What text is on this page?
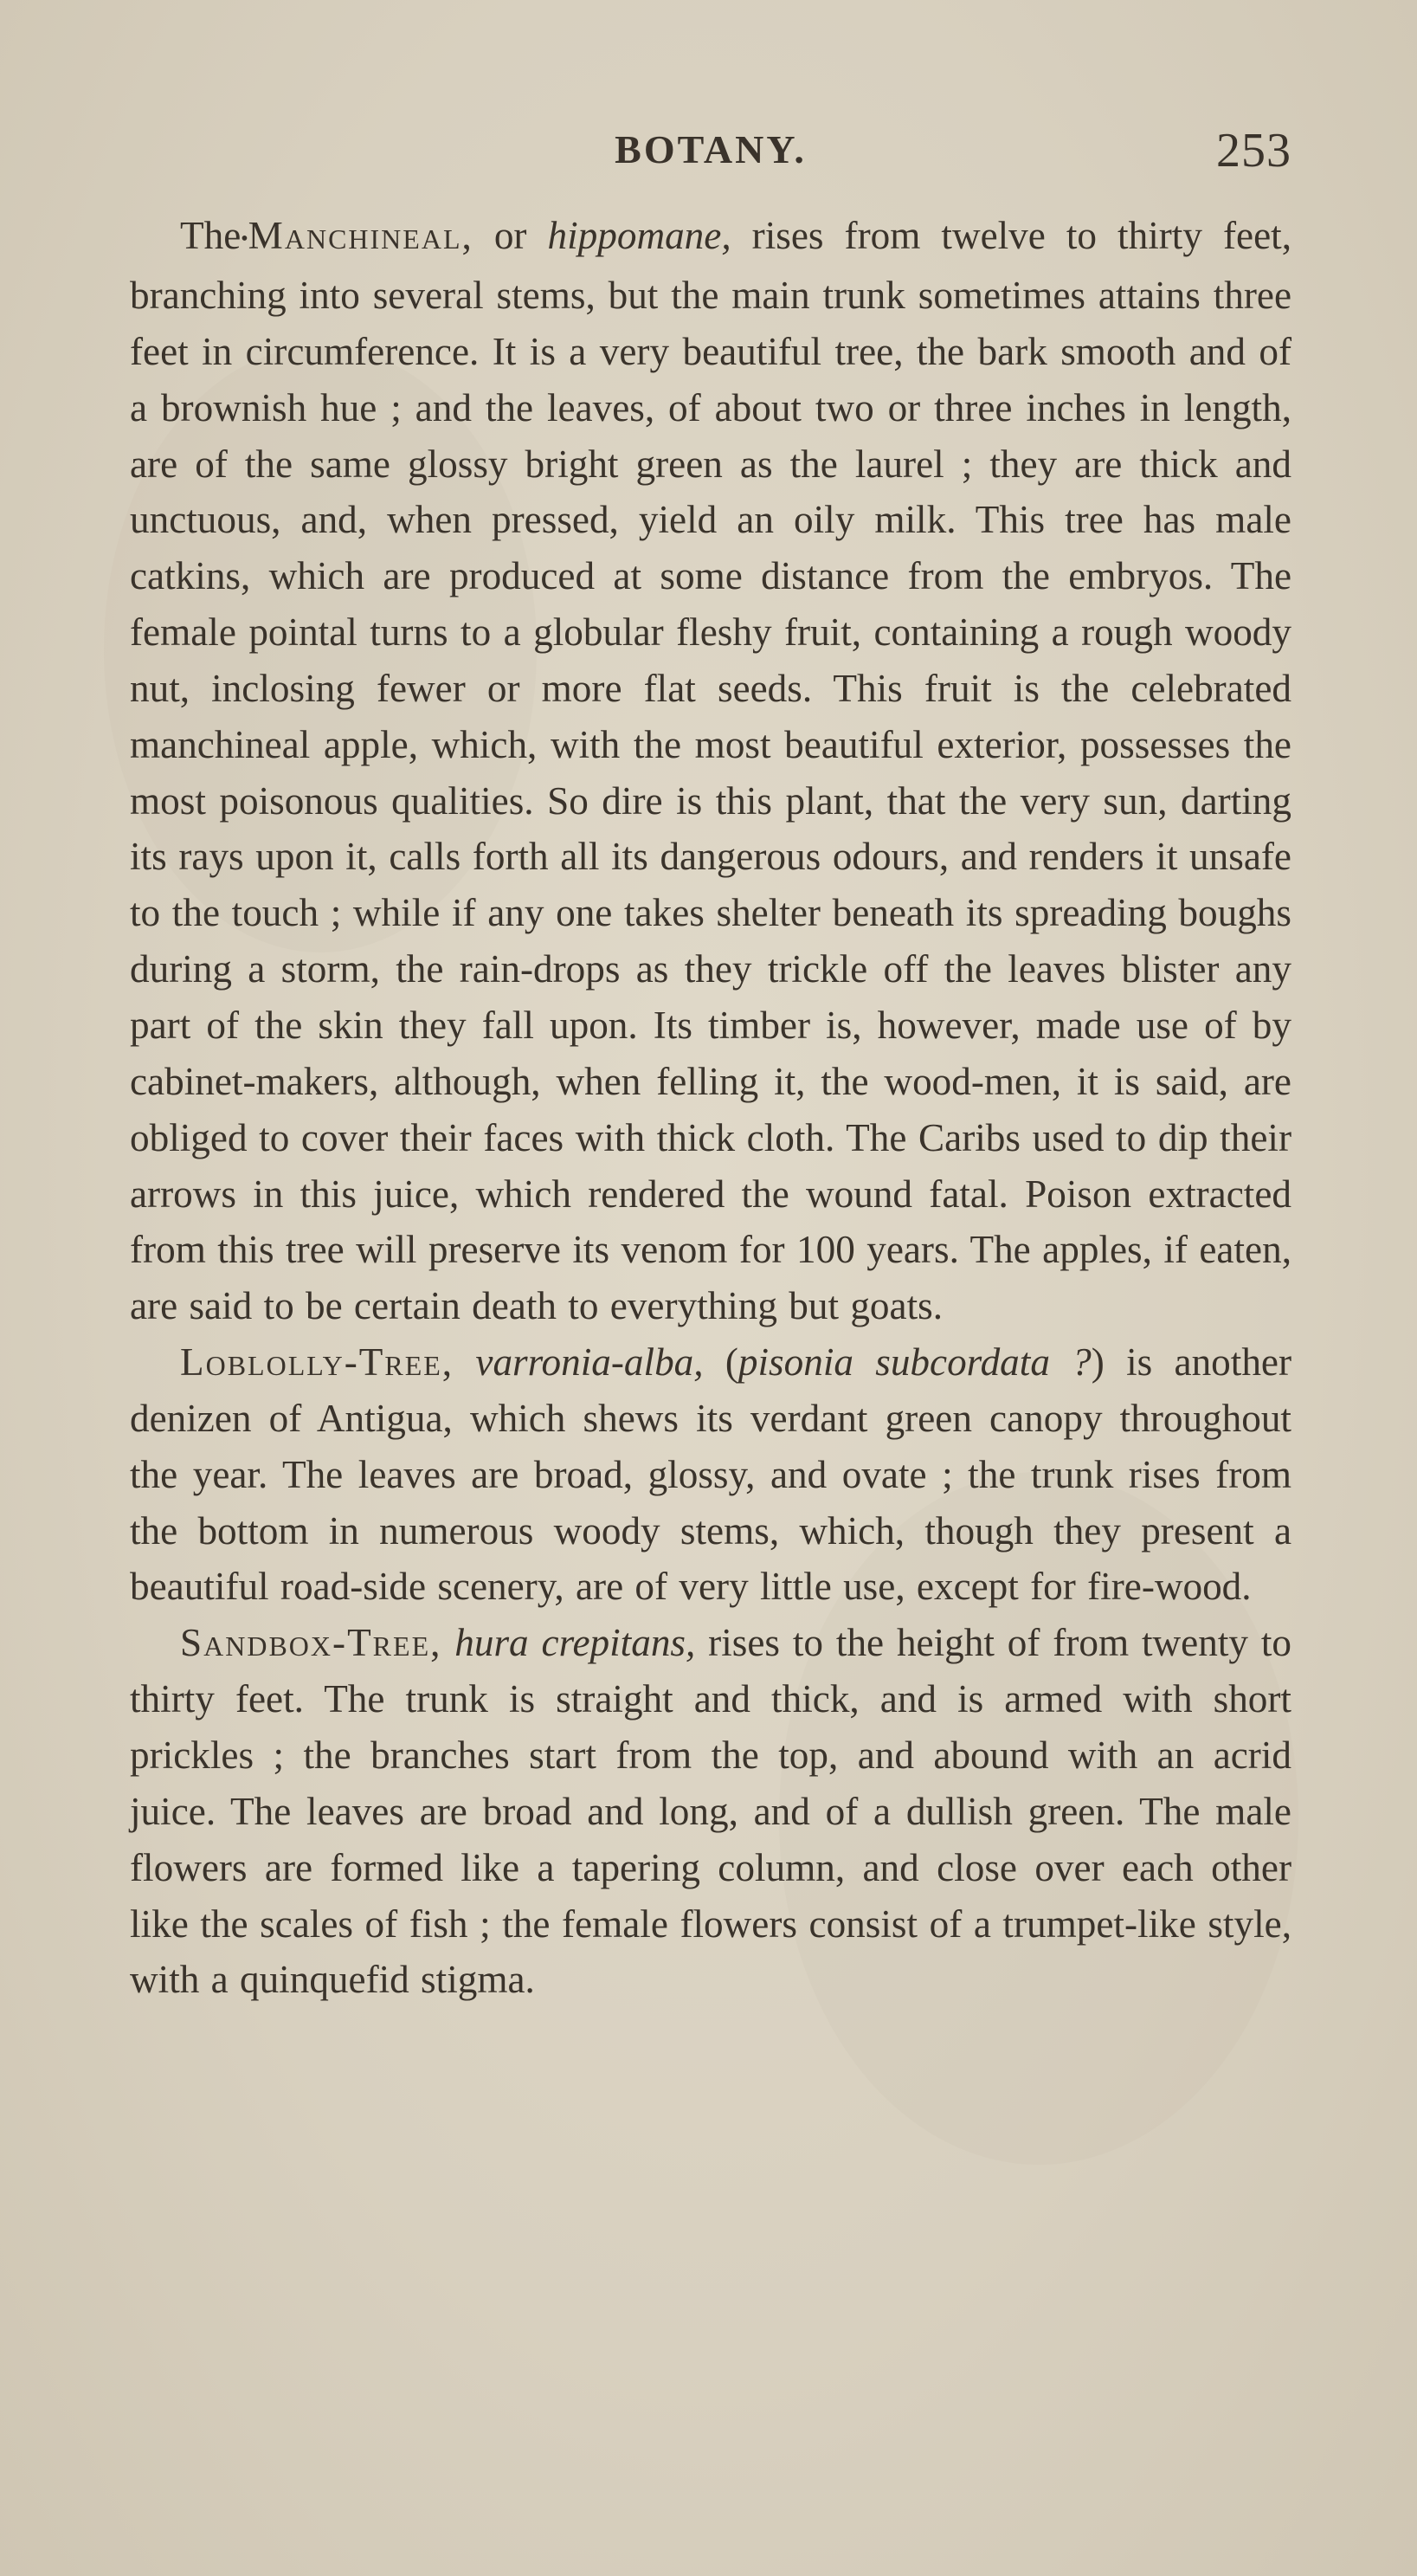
BOTANY.	253

The•Manchineal, or hippomane, rises from twelve to thirty feet, branching into several stems, but the main trunk sometimes attains three feet in circumference. It is a very beautiful tree, the bark smooth and of a brownish hue ; and the leaves, of about two or three inches in length, are of the same glossy bright green as the laurel ; they are thick and unctuous, and, when pressed, yield an oily milk. This tree has male catkins, which are produced at some distance from the embryos. The female pointal turns to a globular fleshy fruit, containing a rough woody nut, inclosing fewer or more flat seeds. This fruit is the celebrated manchineal apple, which, with the most beautiful exterior, possesses the most poisonous qualities. So dire is this plant, that the very sun, darting its rays upon it, calls forth all its dangerous odours, and renders it unsafe to the touch ; while if any one takes shelter beneath its spreading boughs during a storm, the rain-drops as they trickle off the leaves blister any part of the skin they fall upon. Its timber is, however, made use of by cabinet-makers, although, when felling it, the wood-men, it is said, are obliged to cover their faces with thick cloth. The Caribs used to dip their arrows in this juice, which rendered the wound fatal. Poison extracted from this tree will preserve its venom for 100 years. The apples, if eaten, are said to be certain death to everything but goats.

Loblolly-Tree, varronia-alba, (pisonia subcordata ?) is another denizen of Antigua, which shews its verdant green canopy throughout the year. The leaves are broad, glossy, and ovate ; the trunk rises from the bottom in numerous woody stems, which, though they present a beautiful road-side scenery, are of very little use, except for fire-wood.

Sandbox-Tree, hura crepitans, rises to the height of from twenty to thirty feet. The trunk is straight and thick, and is armed with short prickles ; the branches start from the top, and abound with an acrid juice. The leaves are broad and long, and of a dullish green. The male flowers are formed like a tapering column, and close over each other like the scales of fish ; the female flowers consist of a trumpet-like style, with a quinquefid stigma.
